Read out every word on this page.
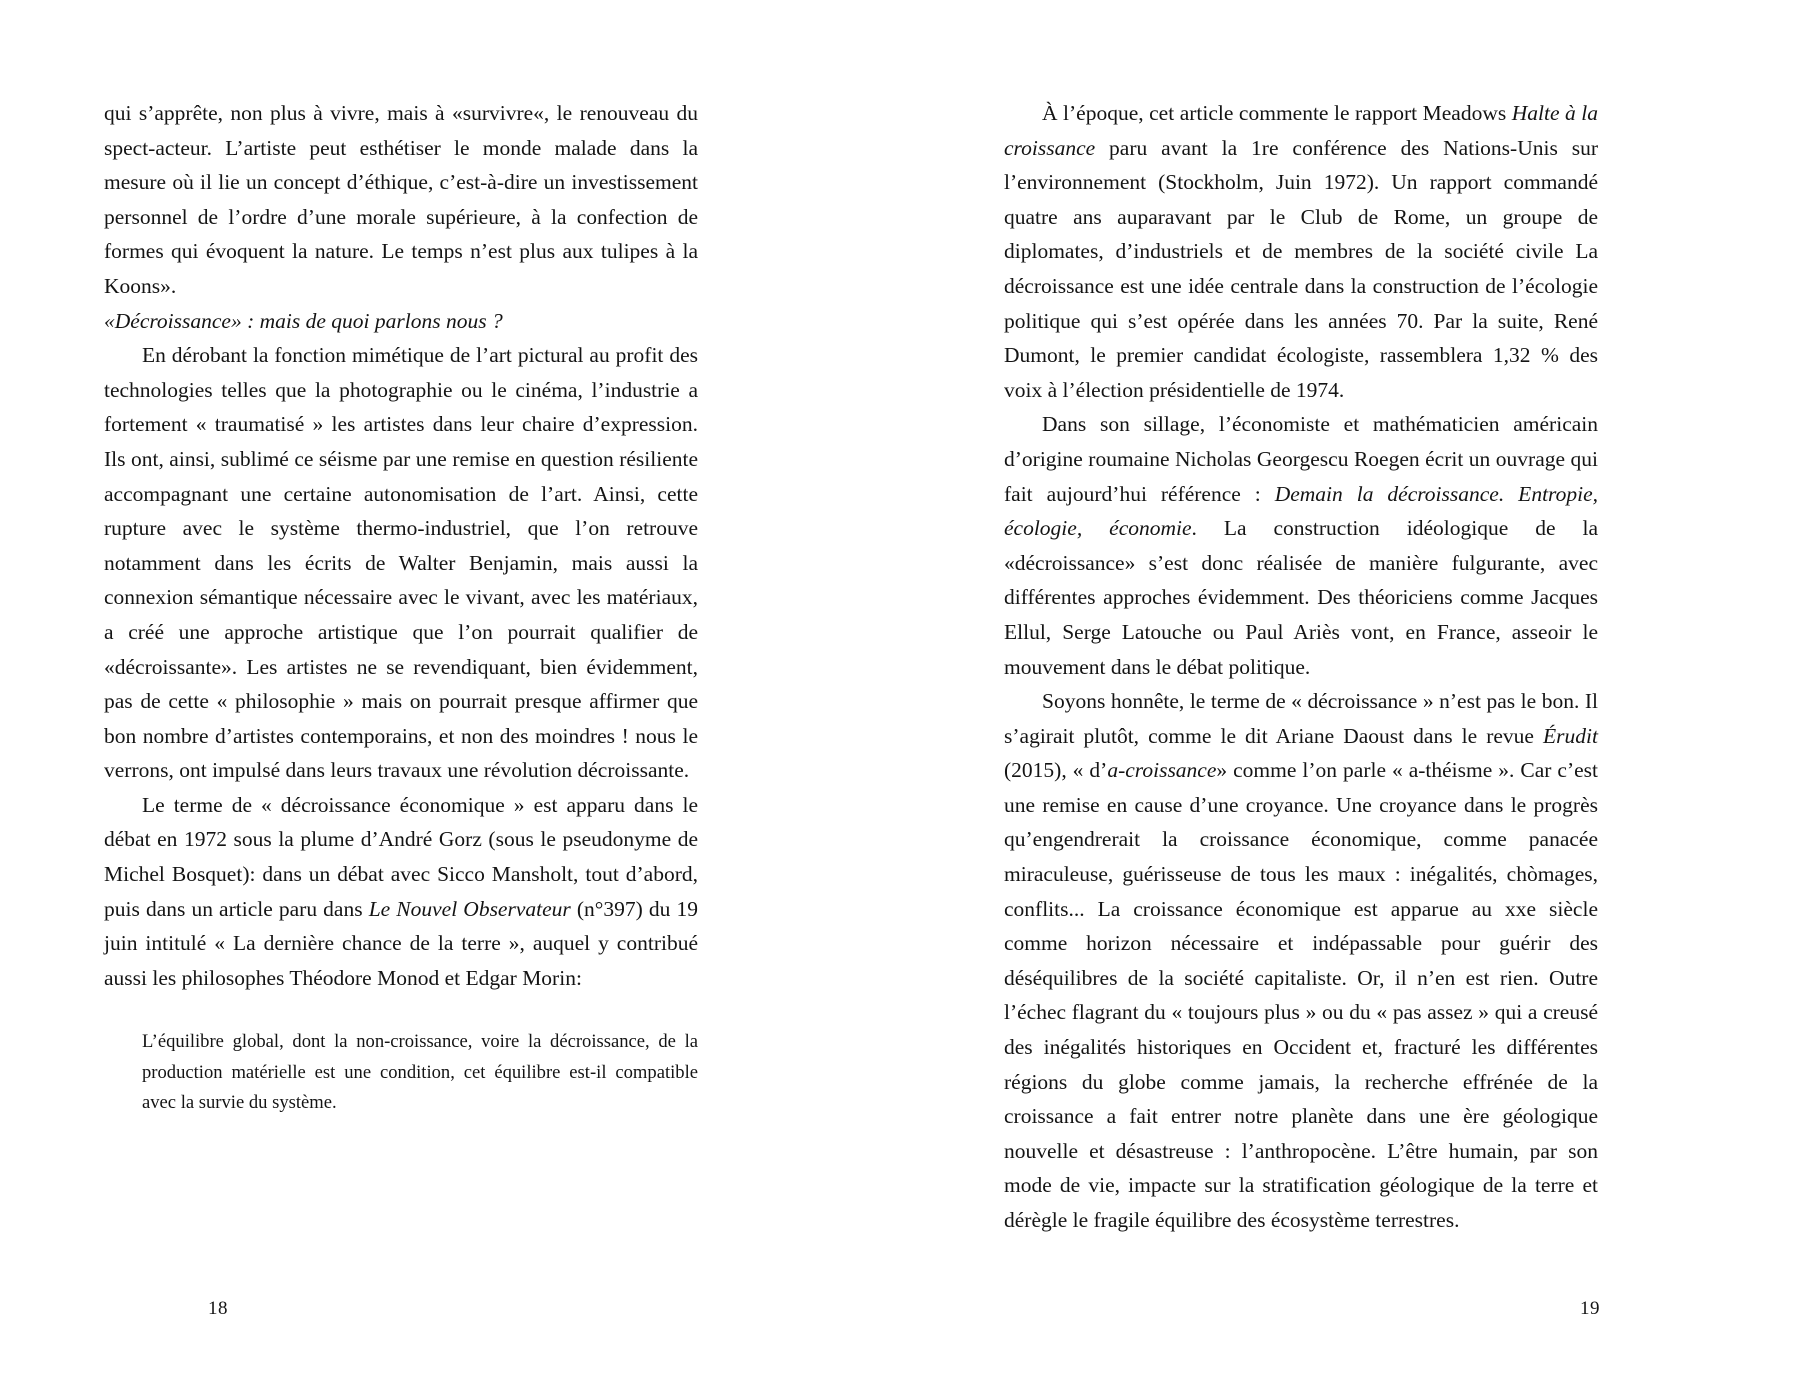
qui s’apprête, non plus à vivre, mais à «survivre«, le renouveau du spect-acteur. L’artiste peut esthétiser le monde malade dans la mesure où il lie un concept d’éthique, c’est-à-dire un investissement personnel de l’ordre d’une morale supérieure, à la confection de formes qui évoquent la nature. Le temps n’est plus aux tulipes à la Koons».

«Décroissance» : mais de quoi parlons nous ?

En dérobant la fonction mimétique de l’art pictural au profit des technologies telles que la photographie ou le cinéma, l’industrie a fortement « traumatisé » les artistes dans leur chaire d’expression. Ils ont, ainsi, sublimé ce séisme par une remise en question résiliente accompagnant une certaine autonomisation de l’art. Ainsi, cette rupture avec le système thermo-industriel, que l’on retrouve notamment dans les écrits de Walter Benjamin, mais aussi la connexion sémantique nécessaire avec le vivant, avec les matériaux, a créé une approche artistique que l’on pourrait qualifier de «décroissante». Les artistes ne se revendiquant, bien évidemment, pas de cette « philosophie » mais on pourrait presque affirmer que bon nombre d’artistes contemporains, et non des moindres ! nous le verrons, ont impulsé dans leurs travaux une révolution décroissante.

Le terme de « décroissance économique » est apparu dans le débat en 1972 sous la plume d’André Gorz (sous le pseudonyme de Michel Bosquet): dans un débat avec Sicco Mansholt, tout d’abord, puis dans un article paru dans Le Nouvel Observateur (n°397) du 19 juin intitulé « La dernière chance de la terre », auquel y contribué aussi les philosophes Théodore Monod et Edgar Morin:

L’équilibre global, dont la non-croissance, voire la décroissance, de la production matérielle est une condition, cet équilibre est-il compatible avec la survie du système.
18

À l’époque, cet article commente le rapport Meadows Halte à la croissance paru avant la 1re conférence des Nations-Unis sur l’environnement (Stockholm, Juin 1972). Un rapport commandé quatre ans auparavant par le Club de Rome, un groupe de diplomates, d’industriels et de membres de la société civile La décroissance est une idée centrale dans la construction de l’écologie politique qui s’est opérée dans les années 70. Par la suite, René Dumont, le premier candidat écologiste, rassemblera 1,32 % des voix à l’élection présidentielle de 1974.

Dans son sillage, l’économiste et mathématicien américain d’origine roumaine Nicholas Georgescu Roegen écrit un ouvrage qui fait aujourd’hui référence : Demain la décroissance. Entropie, écologie, économie. La construction idéologique de la «décroissance» s’est donc réalisée de manière fulgurante, avec différentes approches évidemment. Des théoriciens comme Jacques Ellul, Serge Latouche ou Paul Ariès vont, en France, asseoir le mouvement dans le débat politique.

Soyons honnête, le terme de « décroissance » n’est pas le bon. Il s’agirait plutôt, comme le dit Ariane Daoust dans le revue Érudit (2015), « d’a-croissance» comme l’on parle « a-théisme ». Car c’est une remise en cause d’une croyance. Une croyance dans le progrès qu’engendrerait la croissance économique, comme panacée miraculeuse, guérisseuse de tous les maux : inégalités, chòmages, conflits... La croissance économique est apparue au xxe siècle comme horizon nécessaire et indépassable pour guérir des déséquilibres de la société capitaliste. Or, il n’en est rien. Outre l’échec flagrant du « toujours plus » ou du « pas assez » qui a creusé des inégalités historiques en Occident et, fracturé les différentes régions du globe comme jamais, la recherche effrénée de la croissance a fait entrer notre planète dans une ère géologique nouvelle et désastreuse : l’anthropocène. L’être humain, par son mode de vie, impacte sur la stratification géologique de la terre et dérègle le fragile équilibre des écosystème terrestres.

19
